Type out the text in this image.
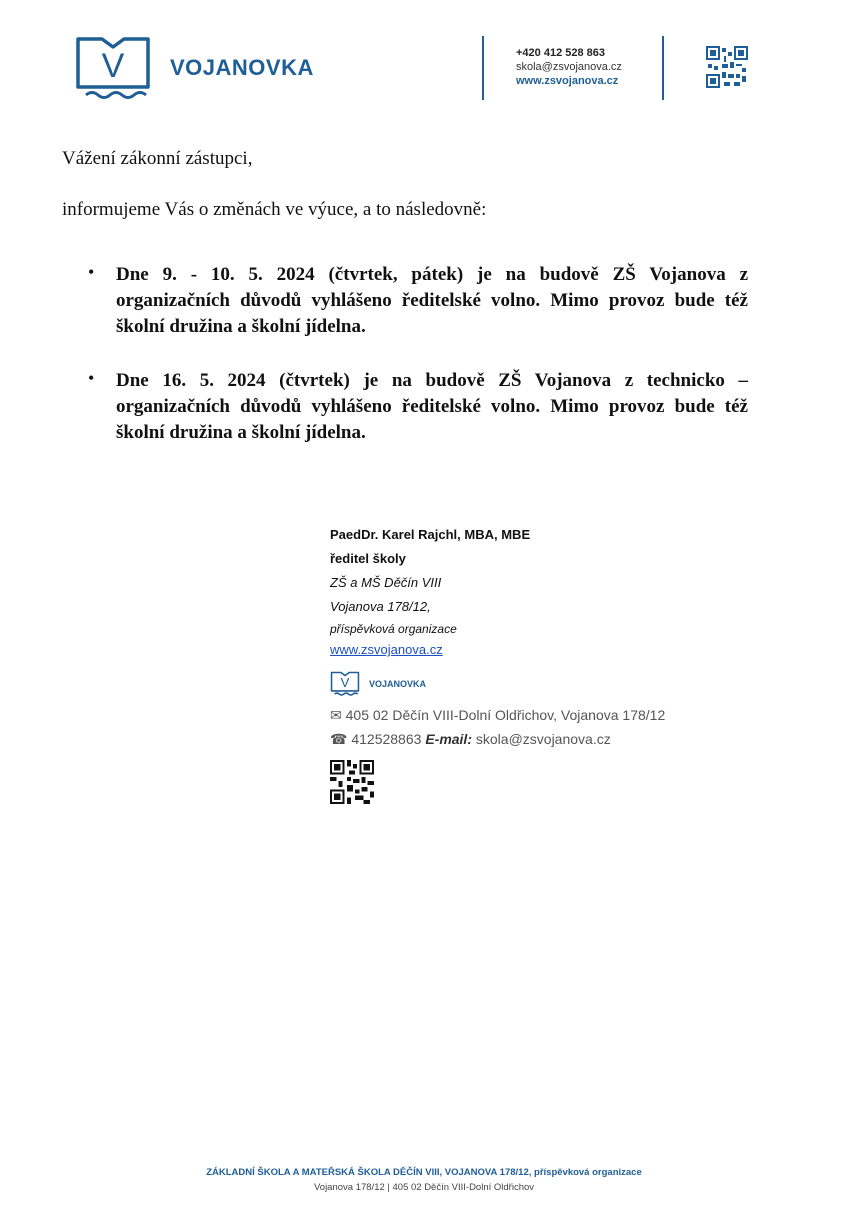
V VOJANOVKA
+420 412 528 863
skola@zsvojanova.cz
www.zsvojanova.cz
Vážení zákonní zástupci,
informujeme Vás o změnách ve výuce, a to následovně:
• Dne 9. - 10. 5. 2024 (čtvrtek, pátek) je na budově ZŠ Vojanova z organizačních důvodů vyhlášeno ředitelské volno. Mimo provoz bude též školní družina a školní jídelna.
• Dne 16. 5. 2024 (čtvrtek) je na budově ZŠ Vojanova z technicko – organizačních důvodů vyhlášeno ředitelské volno. Mimo provoz bude též školní družina a školní jídelna.
PaedDr. Karel Rajchl, MBA, MBE
ředitel školy
ZŠ a MŠ Děčín VIII
Vojanova 178/12,
příspěvková organizace
www.zsvojanova.cz
V VOJANOVKA
✉ 405 02 Děčín VIII-Dolní Oldřichov, Vojanova 178/12
☎ 412528863 E-mail: skola@zsvojanova.cz
ZÁKLADNÍ ŠKOLA A MATEŘSKÁ ŠKOLA DĚČÍN VIII, VOJANOVA 178/12, příspěvková organizace
Vojanova 178/12 | 405 02 Děčín VIII-Dolní Oldřichov
